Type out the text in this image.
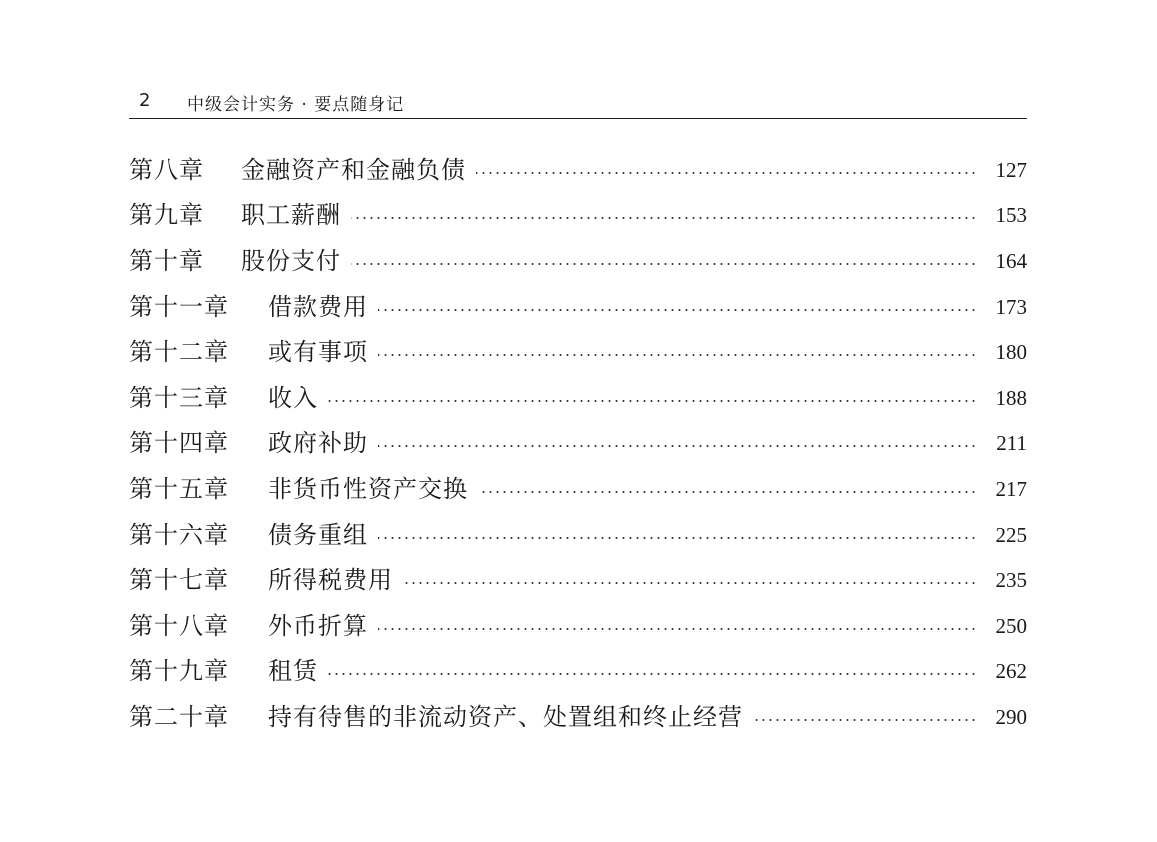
2 中级会计实务 · 要点随身记
第八章 金融资产和金融负债	127
第九章 职工薪酬	153
第十章 股份支付	164
第十一章 借款费用	173
第十二章 或有事项	180
第十三章 收入	188
第十四章 政府补助	211
第十五章 非货币性资产交换	217
第十六章 债务重组	225
第十七章 所得税费用	235
第十八章 外币折算	250
第十九章 租赁	262
第二十章 持有待售的非流动资产、处置组和终止经营	290
